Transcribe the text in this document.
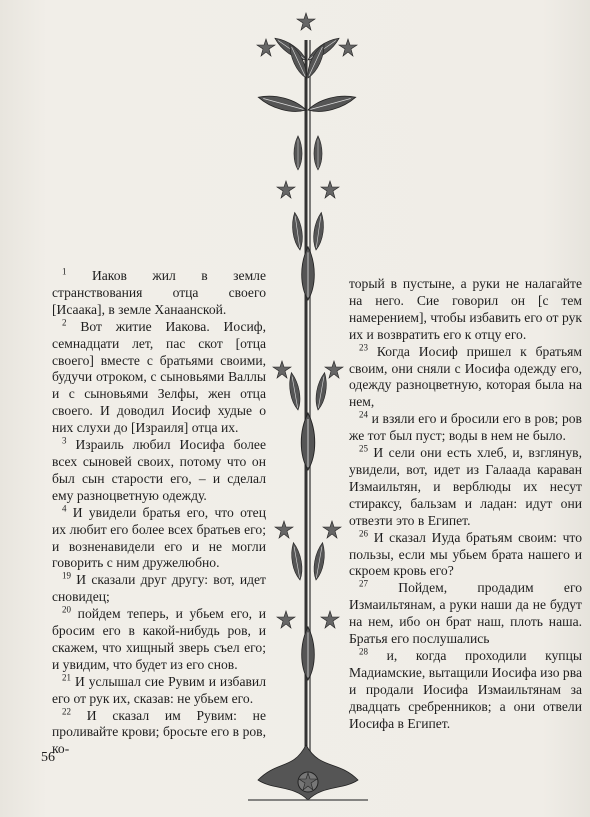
$^1$ Иаков жил в земле странствования отца своего [Исаака], в земле Ханаанской.

$^2$ Вот житие Иакова. Иосиф, семнадцати лет, пас скот [отца своего] вместе с братьями своими, будучи отроком, с сыновьями Валлы и с сыновьями Зелфы, жен отца своего. И доводил Иосиф худые о них слухи до [Израиля] отца их.

$^3$ Израиль любил Иосифа более всех сыновей своих, потому что он был сын старости его, – и сделал ему разноцветную одежду.

$^4$ И увидели братья его, что отец их любит его более всех братьев его; и возненавидели его и не могли говорить с ним дружелюбно.

$^{19}$ И сказали друг другу: вот, идет сновидец;

$^{20}$ пойдем теперь, и убьем его, и бросим его в какой-нибудь ров, и скажем, что хищный зверь съел его; и увидим, что будет из его снов.

$^{21}$ И услышал сие Рувим и избавил его от рук их, сказав: не убьем его.

$^{22}$ И сказал им Рувим: не проливайте крови; бросьте его в ров, ко-

торый в пустыне, а руки не налагайте на него. Сие говорил он [с тем намерением], чтобы избавить его от рук их и возвратить его к отцу его.

$^{23}$ Когда Иосиф пришел к братьям своим, они сняли с Иосифа одежду его, одежду разноцветную, которая была на нем,

$^{24}$ и взяли его и бросили его в ров; ров же тот был пуст; воды в нем не было.

$^{25}$ И сели они есть хлеб, и, взглянув, увидели, вот, идет из Галаада караван Измаильтян, и верблюды их несут стираксу, бальзам и ладан: идут они отвезти это в Египет.

$^{26}$ И сказал Иуда братьям своим: что пользы, если мы убьем брата нашего и скроем кровь его?

$^{27}$ Пойдем, продадим его Измаильтянам, а руки наши да не будут на нем, ибо он брат наш, плоть наша. Братья его послушались

$^{28}$ и, когда проходили купцы Мадиамские, вытащили Иосифа изо рва и продали Иосифа Измаильтянам за двадцать сребренников; а они отвели Иосифа в Египет.

56
